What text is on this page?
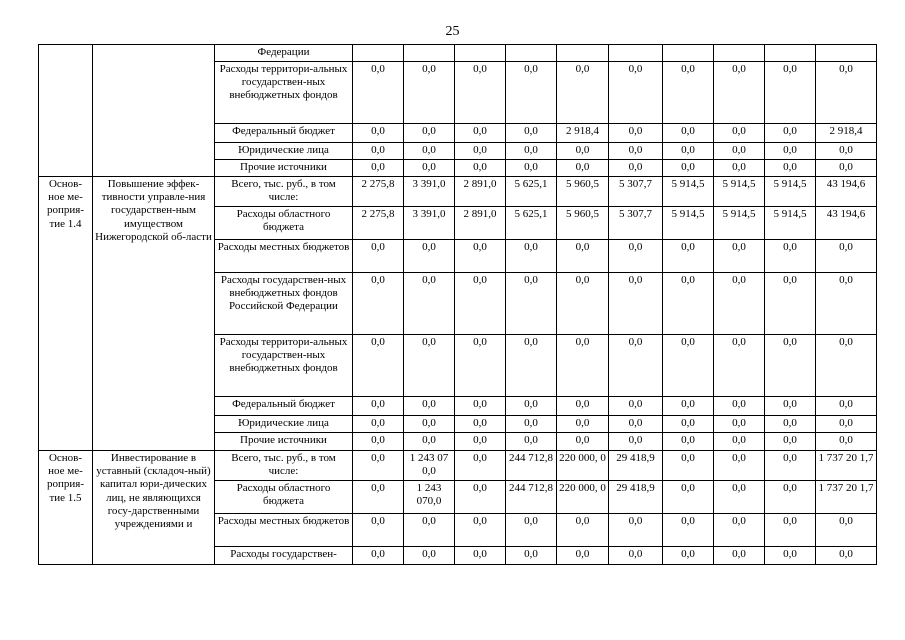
25
		Федерации										
		Расходы территори-альных государствен-ных внебюджетных фондов	0,0	0,0	0,0	0,0	0,0	0,0	0,0	0,0	0,0	0,0
		Федеральный бюджет	0,0	0,0	0,0	0,0	2 918,4	0,0	0,0	0,0	0,0	2 918,4
		Юридические лица	0,0	0,0	0,0	0,0	0,0	0,0	0,0	0,0	0,0	0,0
		Прочие источники	0,0	0,0	0,0	0,0	0,0	0,0	0,0	0,0	0,0	0,0
Основ-ное ме-роприя-тие 1.4	Повышение эффек-тивности управле-ния государствен-ным имуществом Нижегородской об-ласти	Всего, тыс. руб., в том числе:	2 275,8	3 391,0	2 891,0	5 625,1	5 960,5	5 307,7	5 914,5	5 914,5	5 914,5	43 194,6
		Расходы областного бюджета	2 275,8	3 391,0	2 891,0	5 625,1	5 960,5	5 307,7	5 914,5	5 914,5	5 914,5	43 194,6
		Расходы местных бюджетов	0,0	0,0	0,0	0,0	0,0	0,0	0,0	0,0	0,0	0,0
		Расходы государствен-ных внебюджетных фондов Российской Федерации	0,0	0,0	0,0	0,0	0,0	0,0	0,0	0,0	0,0	0,0
		Расходы территори-альных государствен-ных внебюджетных фондов	0,0	0,0	0,0	0,0	0,0	0,0	0,0	0,0	0,0	0,0
		Федеральный бюджет	0,0	0,0	0,0	0,0	0,0	0,0	0,0	0,0	0,0	0,0
		Юридические лица	0,0	0,0	0,0	0,0	0,0	0,0	0,0	0,0	0,0	0,0
		Прочие источники	0,0	0,0	0,0	0,0	0,0	0,0	0,0	0,0	0,0	0,0
Основ-ное ме-роприя-тие 1.5	Инвестирование в уставный (складоч-ный) капитал юри-дических лиц, не являющихся госу-дарственными учреждениями и	Всего, тыс. руб., в том числе:	0,0	1 243 07 0,0	0,0	244 712,8	220 000, 0	29 418,9	0,0	0,0	0,0	1 737 20 1,7
		Расходы областного бюджета	0,0	1 243 070,0	0,0	244 712,8	220 000, 0	29 418,9	0,0	0,0	0,0	1 737 20 1,7
		Расходы местных бюджетов	0,0	0,0	0,0	0,0	0,0	0,0	0,0	0,0	0,0	0,0
		Расходы государствен-	0,0	0,0	0,0	0,0	0,0	0,0	0,0	0,0	0,0	0,0
